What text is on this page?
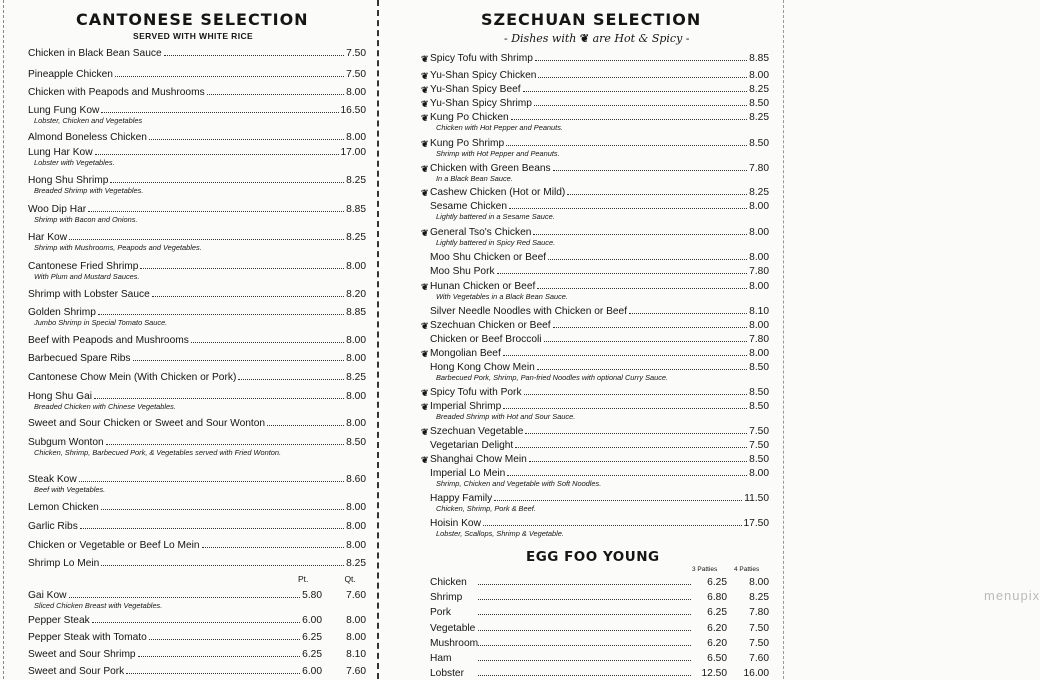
CANTONESE SELECTION
SERVED WITH WHITE RICE
Chicken in Black Bean Sauce	7.50
Pineapple Chicken	7.50
Chicken with Peapods and Mushrooms	8.00
Lung Fung Kow	16.50
Lobster, Chicken and Vegetables
Almond Boneless Chicken	8.00
Lung Har Kow	17.00
Lobster with Vegetables.
Hong Shu Shrimp	8.25
Breaded Shrimp with Vegetables.
Woo Dip Har	8.85
Shrimp with Bacon and Onions.
Har Kow	8.25
Shrimp with Mushrooms, Peapods and Vegetables.
Cantonese Fried Shrimp	8.00
With Plum and Mustard Sauces.
Shrimp with Lobster Sauce	8.20
Golden Shrimp	8.85
Jumbo Shrimp in Special Tomato Sauce.
Beef with Peapods and Mushrooms	8.00
Barbecued Spare Ribs	8.00
Cantonese Chow Mein (With Chicken or Pork)	8.25
Hong Shu Gai	8.00
Breaded Chicken with Chinese Vegetables.
Sweet and Sour Chicken or Sweet and Sour Wonton	8.00
Subgum Wonton	8.50
Chicken, Shrimp, Barbecued Pork, & Vegetables served with Fried Wonton.
Steak Kow	8.60
Beef with Vegetables.
Lemon Chicken	8.00
Garlic Ribs	8.00
Chicken or Vegetable or Beef Lo Mein	8.00
Shrimp Lo Mein	8.25
Pt.	Qt.
Gai Kow	5.80	7.60
Sliced Chicken Breast with Vegetables.
Pepper Steak	6.00	8.00
Pepper Steak with Tomato	6.25	8.00
Sweet and Sour Shrimp	6.25	8.10
Sweet and Sour Pork	6.00	7.60
SZECHUAN SELECTION
- Dishes with ❦ are Hot & Spicy -
❦ Spicy Tofu with Shrimp	8.85
❦ Yu-Shan Spicy Chicken	8.00
❦ Yu-Shan Spicy Beef	8.25
❦ Yu-Shan Spicy Shrimp	8.50
❦ Kung Po Chicken	8.25
Chicken with Hot Pepper and Peanuts.
❦ Kung Po Shrimp	8.50
Shrimp with Hot Pepper and Peanuts.
❦ Chicken with Green Beans	7.80
In a Black Bean Sauce.
❦ Cashew Chicken (Hot or Mild)	8.25
Sesame Chicken	8.00
Lightly battered in a Sesame Sauce.
❦ General Tso's Chicken	8.00
Lightly battered in Spicy Red Sauce.
Moo Shu Chicken or Beef	8.00
Moo Shu Pork	7.80
❦ Hunan Chicken or Beef	8.00
With Vegetables in a Black Bean Sauce.
Silver Needle Noodles with Chicken or Beef	8.10
❦ Szechuan Chicken or Beef	8.00
Chicken or Beef Broccoli	7.80
❦ Mongolian Beef	8.00
Hong Kong Chow Mein	8.50
Barbecued Pork, Shrimp, Pan-fried Noodles with optional Curry Sauce.
❦ Spicy Tofu with Pork	8.50
❦ Imperial Shrimp	8.50
Breaded Shrimp with Hot and Sour Sauce.
❦ Szechuan Vegetable	7.50
Vegetarian Delight	7.50
❦ Shanghai Chow Mein	8.50
Imperial Lo Mein	8.00
Shrimp, Chicken and Vegetable with Soft Noodles.
Happy Family	11.50
Chicken, Shrimp, Pork & Beef.
Hoisin Kow	17.50
Lobster, Scallops, Shrimp & Vegetable.
EGG FOO YOUNG
3 Patties	4 Patties
Chicken	6.25	8.00
Shrimp	6.80	8.25
Pork	6.25	7.80
Vegetable	6.20	7.50
Mushroom	6.20	7.50
Ham	6.50	7.60
Lobster	12.50	16.00
menupix
